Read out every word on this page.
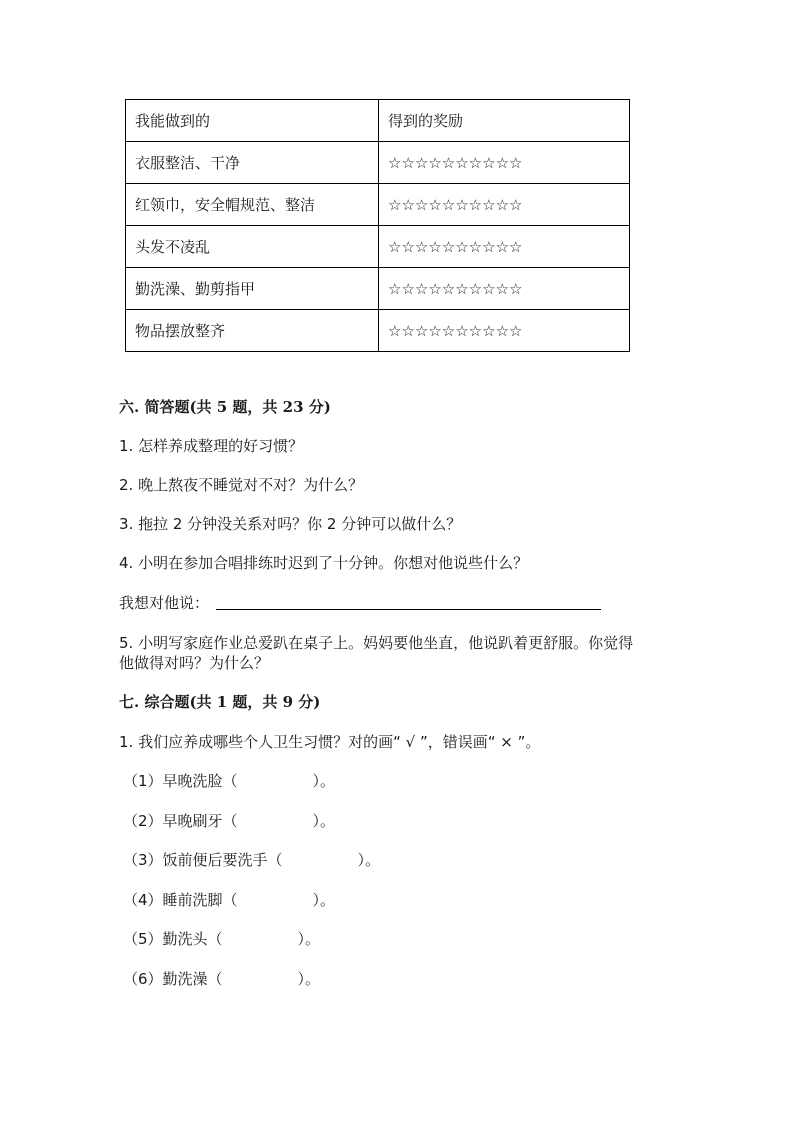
我能做到的	得到的奖励
衣服整洁、干净	☆☆☆☆☆☆☆☆☆☆
红领巾，安全帽规范、整洁	☆☆☆☆☆☆☆☆☆☆
头发不凌乱	☆☆☆☆☆☆☆☆☆☆
勤洗澡、勤剪指甲	☆☆☆☆☆☆☆☆☆☆
物品摆放整齐	☆☆☆☆☆☆☆☆☆☆
六. 简答题(共 5 题，共 23 分)
1. 怎样养成整理的好习惯？
2. 晚上熬夜不睡觉对不对？为什么？
3. 拖拉 2 分钟没关系对吗？你 2 分钟可以做什么？
4. 小明在参加合唱排练时迟到了十分钟。你想对他说些什么？
我想对他说：
5. 小明写家庭作业总爱趴在桌子上。妈妈要他坐直，他说趴着更舒服。你觉得
他做得对吗？为什么？
七. 综合题(共 1 题，共 9 分)
1. 我们应养成哪些个人卫生习惯？对的画“ √ ”，错误画“ × ”。
（1）早晚洗脸（　　　　　）。
（2）早晚刷牙（　　　　　）。
（3）饭前便后要洗手（　　　　　）。
（4）睡前洗脚（　　　　　）。
（5）勤洗头（　　　　　）。
（6）勤洗澡（　　　　　）。
